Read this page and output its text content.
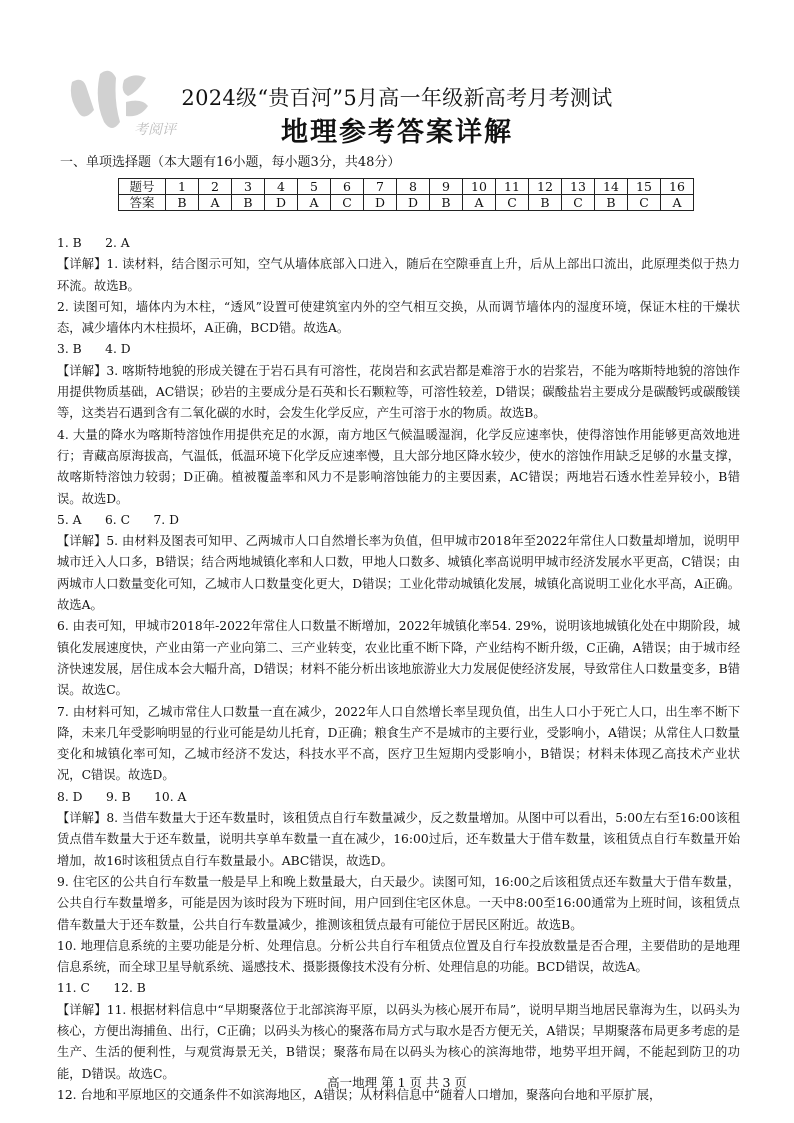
考阅评
2024级“贵百河”5月高一年级新高考月考测试
地理参考答案详解
一、单项选择题（本大题有16小题，每小题3分，共48分）
题号	1	2	3	4	5	6	7	8	9	10	11	12	13	14	15	16
答案	B	A	B	D	A	C	D	D	B	A	C	B	C	B	C	A

1. B      2. A

【详解】1. 读材料，结合图示可知，空气从墙体底部入口进入，随后在空隙垂直上升，后从上部出口流出，此原理类似于热力环流。故选B。

2. 读图可知，墙体内为木柱，“透风”设置可使建筑室内外的空气相互交换，从而调节墙体内的湿度环境，保证木柱的干燥状态，减少墙体内木柱损坏，A正确，BCD错。故选A。

3. B      4. D

【详解】3. 喀斯特地貌的形成关键在于岩石具有可溶性，花岗岩和玄武岩都是难溶于水的岩浆岩，不能为喀斯特地貌的溶蚀作用提供物质基础，AC错误；砂岩的主要成分是石英和长石颗粒等，可溶性较差，D错误；碳酸盐岩主要成分是碳酸钙或碳酸镁等，这类岩石遇到含有二氧化碳的水时，会发生化学反应，产生可溶于水的物质。故选B。

4. 大量的降水为喀斯特溶蚀作用提供充足的水源，南方地区气候温暖湿润，化学反应速率快，使得溶蚀作用能够更高效地进行；青藏高原海拔高，气温低，低温环境下化学反应速率慢，且大部分地区降水较少，使水的溶蚀作用缺乏足够的水量支撑，故喀斯特溶蚀力较弱；D正确。植被覆盖率和风力不是影响溶蚀能力的主要因素，AC错误；两地岩石透水性差异较小，B错误。故选D。

5. A      6. C      7. D

【详解】5. 由材料及图表可知甲、乙两城市人口自然增长率为负值，但甲城市2018年至2022年常住人口数量却增加，说明甲城市迁入人口多，B错误；结合两地城镇化率和人口数，甲地人口数多、城镇化率高说明甲城市经济发展水平更高，C错误；由两城市人口数量变化可知，乙城市人口数量变化更大，D错误；工业化带动城镇化发展，城镇化高说明工业化水平高，A正确。故选A。

6. 由表可知，甲城市2018年-2022年常住人口数量不断增加，2022年城镇化率54. 29%，说明该地城镇化处在中期阶段，城镇化发展速度快，产业由第一产业向第二、三产业转变，农业比重不断下降，产业结构不断升级，C正确，A错误；由于城市经济快速发展，居住成本会大幅升高，D错误；材料不能分析出该地旅游业大力发展促使经济发展，导致常住人口数量变多，B错误。故选C。

7. 由材料可知，乙城市常住人口数量一直在减少，2022年人口自然增长率呈现负值，出生人口小于死亡人口，出生率不断下降，未来几年受影响明显的行业可能是幼儿托育，D正确；粮食生产不是城市的主要行业，受影响小，A错误；从常住人口数量变化和城镇化率可知，乙城市经济不发达，科技水平不高，医疗卫生短期内受影响小，B错误；材料未体现乙高技术产业状况，C错误。故选D。

8. D      9. B      10. A

【详解】8. 当借车数量大于还车数量时，该租赁点自行车数量减少，反之数量增加。从图中可以看出，5:00左右至16:00该租赁点借车数量大于还车数量，说明共享单车数量一直在减少，16:00过后，还车数量大于借车数量，该租赁点自行车数量开始增加，故16时该租赁点自行车数量最小。ABC错误，故选D。

9. 住宅区的公共自行车数量一般是早上和晚上数量最大，白天最少。读图可知，16:00之后该租赁点还车数量大于借车数量，公共自行车数量增多，可能是因为该时段为下班时间，用户回到住宅区休息。一天中8:00至16:00通常为上班时间，该租赁点借车数量大于还车数量，公共自行车数量减少，推测该租赁点最有可能位于居民区附近。故选B。

10. 地理信息系统的主要功能是分析、处理信息。分析公共自行车租赁点位置及自行车投放数量是否合理，主要借助的是地理信息系统，而全球卫星导航系统、遥感技术、摄影摄像技术没有分析、处理信息的功能。BCD错误，故选A。

11. C      12. B

【详解】11. 根据材料信息中“早期聚落位于北部滨海平原，以码头为核心展开布局”，说明早期当地居民靠海为生，以码头为核心，方便出海捕鱼、出行，C正确；以码头为核心的聚落布局方式与取水是否方便无关，A错误；早期聚落布局更多考虑的是生产、生活的便利性，与观赏海景无关，B错误；聚落布局在以码头为核心的滨海地带，地势平坦开阔，不能起到防卫的功能，D错误。故选C。

12. 台地和平原地区的交通条件不如滨海地区，A错误；从材料信息中“随着人口增加，聚落向台地和平原扩展，

高一地理 第 1 页 共 3 页
